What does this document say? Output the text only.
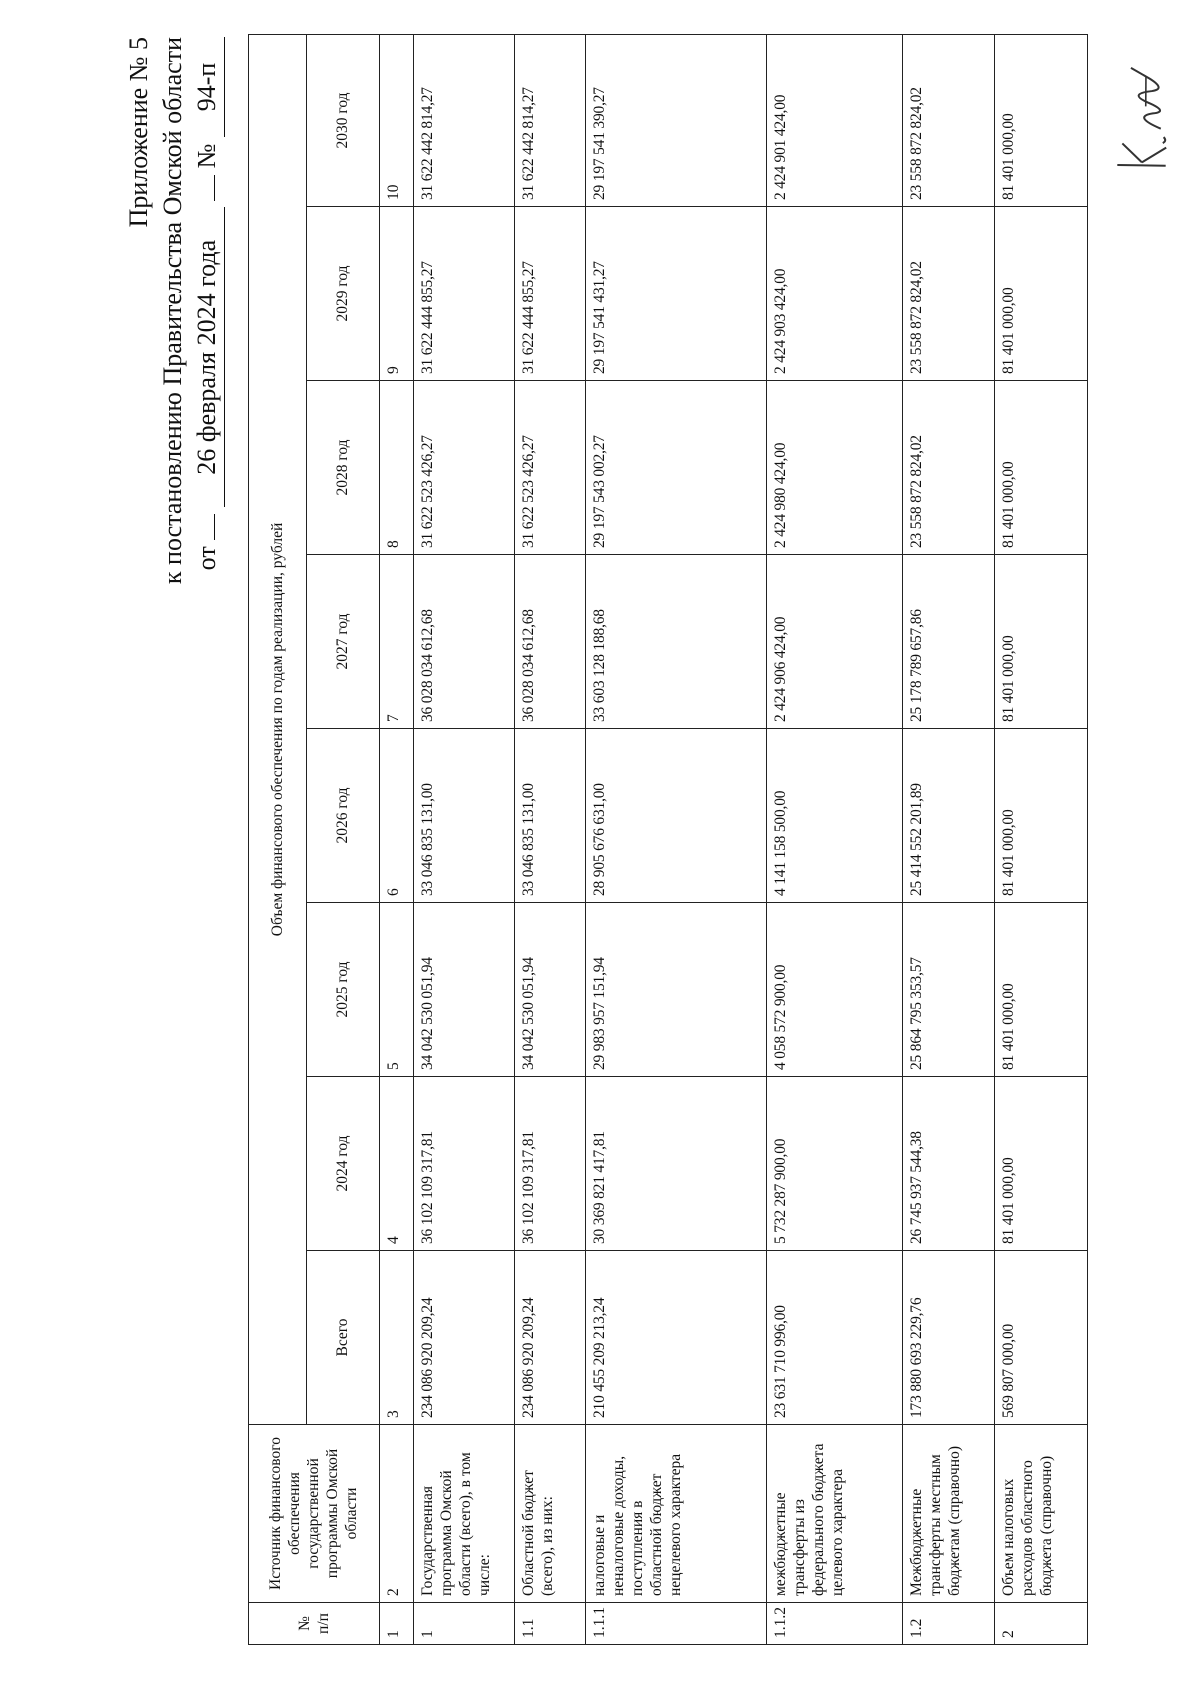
Приложение № 5 к постановлению Правительства Омской области от  26 февраля 2024 года  № 94-п
№ п/п	Источник финансового обеспечения государственной программы Омской области	Объем финансового обеспечения по годам реализации, рублей							
		Всего	2024 год	2025 год	2026 год	2027 год	2028 год	2029 год	2030 год
1	2	3	4	5	6	7	8	9	10
1	Государственная программа Омской области (всего), в том числе:	234 086 920 209,24	36 102 109 317,81	34 042 530 051,94	33 046 835 131,00	36 028 034 612,68	31 622 523 426,27	31 622 444 855,27	31 622 442 814,27
1.1	Областной бюджет (всего), из них:	234 086 920 209,24	36 102 109 317,81	34 042 530 051,94	33 046 835 131,00	36 028 034 612,68	31 622 523 426,27	31 622 444 855,27	31 622 442 814,27
1.1.1	налоговые и неналоговые доходы, поступления в областной бюджет нецелевого характера	210 455 209 213,24	30 369 821 417,81	29 983 957 151,94	28 905 676 631,00	33 603 128 188,68	29 197 543 002,27	29 197 541 431,27	29 197 541 390,27
1.1.2	межбюджетные трансферты из федерального бюджета целевого характера	23 631 710 996,00	5 732 287 900,00	4 058 572 900,00	4 141 158 500,00	2 424 906 424,00	2 424 980 424,00	2 424 903 424,00	2 424 901 424,00
1.2	Межбюджетные трансферты местным бюджетам (справочно)	173 880 693 229,76	26 745 937 544,38	25 864 795 353,57	25 414 552 201,89	25 178 789 657,86	23 558 872 824,02	23 558 872 824,02	23 558 872 824,02
2	Объем налоговых расходов областного бюджета (справочно)	569 807 000,00	81 401 000,00	81 401 000,00	81 401 000,00	81 401 000,00	81 401 000,00	81 401 000,00	81 401 000,00
